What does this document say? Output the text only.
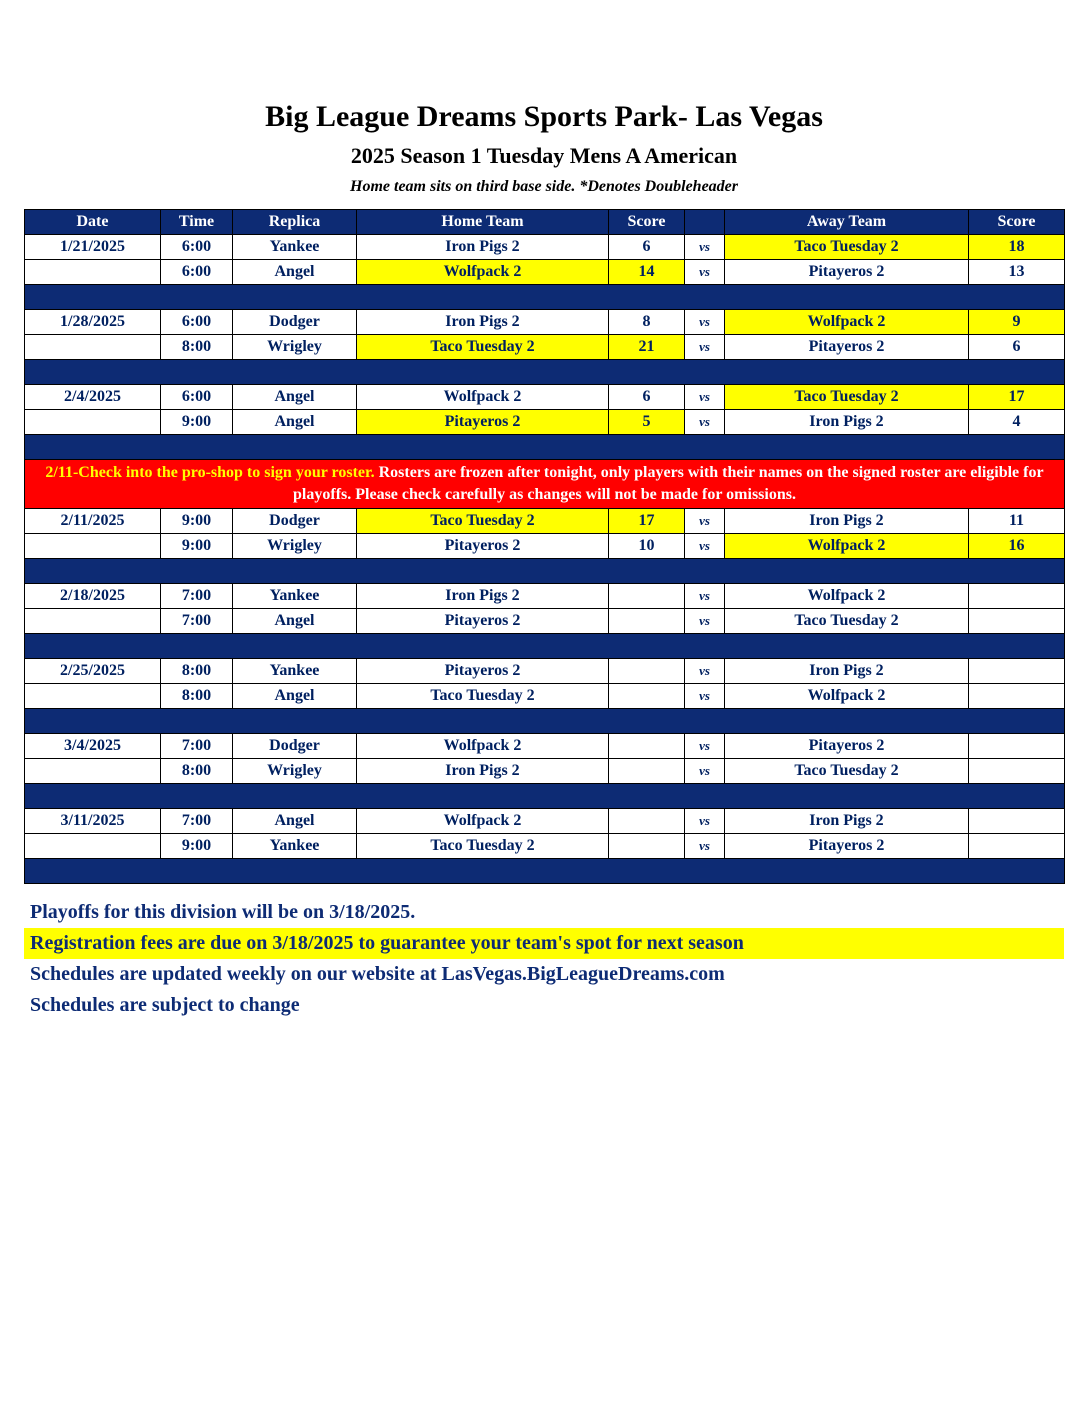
Big League Dreams Sports Park- Las Vegas
2025 Season 1 Tuesday Mens A American
Home team sits on third base side. *Denotes Doubleheader
Date	Time	Replica	Home Team	Score		Away Team	Score
1/21/2025	6:00	Yankee	Iron Pigs 2	6	vs	Taco Tuesday 2	18
	6:00	Angel	Wolfpack 2	14	vs	Pitayeros 2	13

1/28/2025	6:00	Dodger	Iron Pigs 2	8	vs	Wolfpack 2	9
	8:00	Wrigley	Taco Tuesday 2	21	vs	Pitayeros 2	6

2/4/2025	6:00	Angel	Wolfpack 2	6	vs	Taco Tuesday 2	17
	9:00	Angel	Pitayeros 2	5	vs	Iron Pigs 2	4

2/11-Check into the pro-shop to sign your roster. Rosters are frozen after tonight, only players with their names on the signed roster are eligible for playoffs. Please check carefully as changes will not be made for omissions.							
2/11/2025	9:00	Dodger	Taco Tuesday 2	17	vs	Iron Pigs 2	11
	9:00	Wrigley	Pitayeros 2	10	vs	Wolfpack 2	16

2/18/2025	7:00	Yankee	Iron Pigs 2		vs	Wolfpack 2	
	7:00	Angel	Pitayeros 2		vs	Taco Tuesday 2	

2/25/2025	8:00	Yankee	Pitayeros 2		vs	Iron Pigs 2	
	8:00	Angel	Taco Tuesday 2		vs	Wolfpack 2	

3/4/2025	7:00	Dodger	Wolfpack 2		vs	Pitayeros 2	
	8:00	Wrigley	Iron Pigs 2		vs	Taco Tuesday 2	

3/11/2025	7:00	Angel	Wolfpack 2		vs	Iron Pigs 2	
	9:00	Yankee	Taco Tuesday 2		vs	Pitayeros 2	

Playoffs for this division will be on 3/18/2025.
Registration fees are due on 3/18/2025 to guarantee your team's spot for next season
Schedules are updated weekly on our website at LasVegas.BigLeagueDreams.com
Schedules are subject to change
